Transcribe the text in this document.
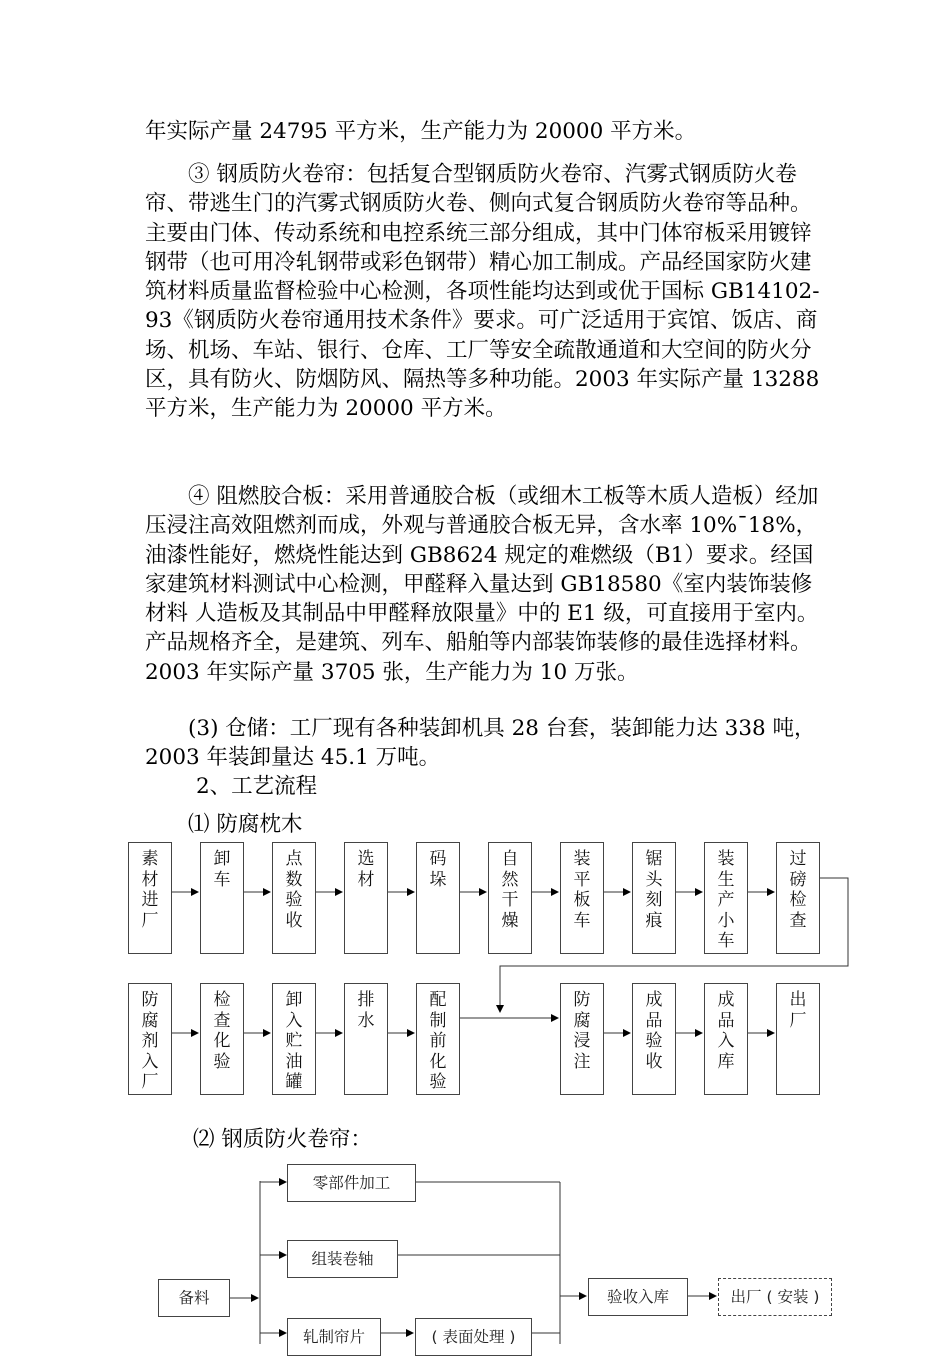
年实际产量 24795 平方米，生产能力为 20000 平方米。

③ 钢质防火卷帘：包括复合型钢质防火卷帘、汽雾式钢质防火卷帘、带逃生门的汽雾式钢质防火卷、侧向式复合钢质防火卷帘等品种。主要由门体、传动系统和电控系统三部分组成，其中门体帘板采用镀锌钢带（也可用冷轧钢带或彩色钢带）精心加工制成。产品经国家防火建筑材料质量监督检验中心检测，各项性能均达到或优于国标 GB14102-93《钢质防火卷帘通用技术条件》要求。可广泛适用于宾馆、饭店、商场、机场、车站、银行、仓库、工厂等安全疏散通道和大空间的防火分区，具有防火、防烟防风、隔热等多种功能。2003 年实际产量 13288 平方米，生产能力为 20000 平方米。

④ 阻燃胶合板：采用普通胶合板（或细木工板等木质人造板）经加压浸注高效阻燃剂而成，外观与普通胶合板无异，含水率 10%¯18%，油漆性能好，燃烧性能达到 GB8624 规定的难燃级（B1）要求。经国家建筑材料测试中心检测，甲醛释入量达到 GB18580《室内装饰装修材料 人造板及其制品中甲醛释放限量》中的 E1 级，可直接用于室内。产品规格齐全，是建筑、列车、船舶等内部装饰装修的最佳选择材料。2003 年实际产量 3705 张，生产能力为 10 万张。

(3) 仓储：工厂现有各种装卸机具 28 台套，装卸能力达 338 吨，2003 年装卸量达 45.1 万吨。

2、工艺流程
⑴ 防腐枕木
素材进厂
卸车
点数验收
选材
码垛
自然干燥
装平板车
锯头刻痕
装生产小车
过磅检查
防腐剂入厂
检查化验
卸入贮油罐
排水
配制前化验
防腐浸注
成品验收
成品入库
出厂
⑵ 钢质防火卷帘：
备料
零部件加工
组装卷轴
轧制帘片	( 表面处理 )
验收入库	出厂 ( 安装 )
